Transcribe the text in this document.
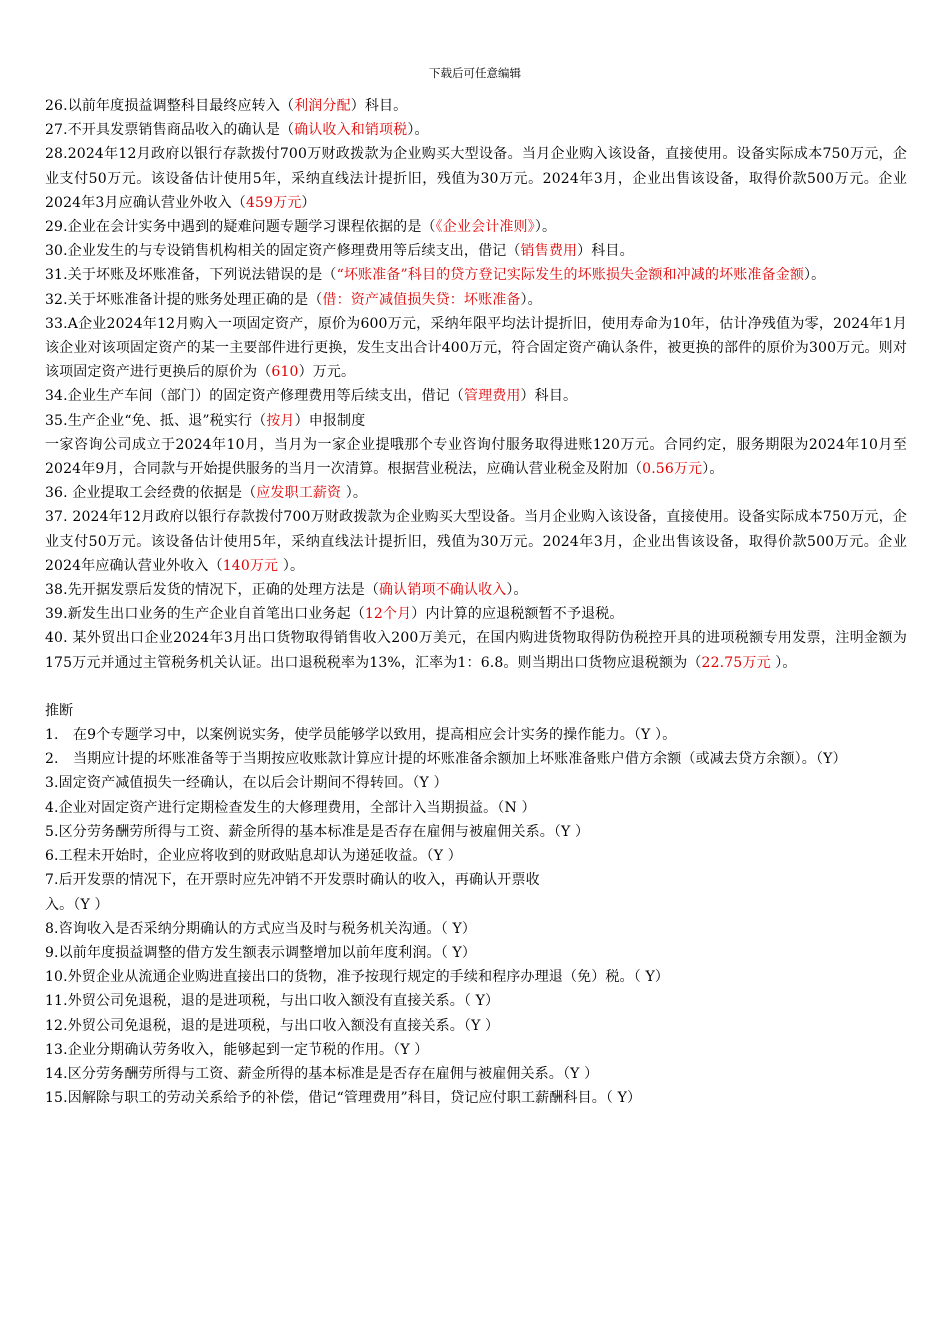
下载后可任意编辑

26.以前年度损益调整科目最终应转入（利润分配）科目。

27.不开具发票销售商品收入的确认是（确认收入和销项税）。

28.2024年12月政府以银行存款拨付700万财政拨款为企业购买大型设备。当月企业购入该设备，直接使用。设备实际成本750万元，企业支付50万元。该设备估计使用5年，采纳直线法计提折旧，残值为30万元。2024年3月，企业出售该设备，取得价款500万元。企业2024年3月应确认营业外收入（459万元）

29.企业在会计实务中遇到的疑难问题专题学习课程依据的是（《企业会计准则》）。

30.企业发生的与专设销售机构相关的固定资产修理费用等后续支出，借记（销售费用）科目。

31.关于坏账及坏账准备，下列说法错误的是（“坏账准备”科目的贷方登记实际发生的坏账损失金额和冲减的坏账准备金额）。

32.关于坏账准备计提的账务处理正确的是（借：资产减值损失贷：坏账准备）。

33.A企业2024年12月购入一项固定资产，原价为600万元，采纳年限平均法计提折旧，使用寿命为10年，估计净残值为零，2024年1月该企业对该项固定资产的某一主要部件进行更换，发生支出合计400万元，符合固定资产确认条件，被更换的部件的原价为300万元。则对该项固定资产进行更换后的原价为（610）万元。

34.企业生产车间（部门）的固定资产修理费用等后续支出，借记（管理费用）科目。

35.生产企业“免、抵、退”税实行（按月）申报制度

一家咨询公司成立于2024年10月，当月为一家企业提哦那个专业咨询付服务取得进账120万元。合同约定，服务期限为2024年10月至2024年9月，合同款与开始提供服务的当月一次清算。根据营业税法，应确认营业税金及附加（0.56万元）。

36. 企业提取工会经费的依据是（应发职工薪资 ）。

37. 2024年12月政府以银行存款拨付700万财政拨款为企业购买大型设备。当月企业购入该设备，直接使用。设备实际成本750万元，企业支付50万元。该设备估计使用5年，采纳直线法计提折旧，残值为30万元。2024年3月，企业出售该设备，取得价款500万元。企业2024年应确认营业外收入（140万元 ）。

38.先开据发票后发货的情况下，正确的处理方法是（确认销项不确认收入）。

39.新发生出口业务的生产企业自首笔出口业务起（12个月）内计算的应退税额暂不予退税。

40. 某外贸出口企业2024年3月出口货物取得销售收入200万美元，在国内购进货物取得防伪税控开具的进项税额专用发票，注明金额为175万元并通过主管税务机关认证。出口退税税率为13%，汇率为1：6.8。则当期出口货物应退税额为（22.75万元 ）。

推断

1.	在9个专题学习中，以案例说实务，使学员能够学以致用，提高相应会计实务的操作能力。（Y ）。
2.	当期应计提的坏账准备等于当期按应收账款计算应计提的坏账准备余额加上坏账准备账户借方余额（或减去贷方余额）。（Y）

3.固定资产减值损失一经确认，在以后会计期间不得转回。（Y ）

4.企业对固定资产进行定期检查发生的大修理费用，全部计入当期损益。（N ）

5.区分劳务酬劳所得与工资、薪金所得的基本标准是是否存在雇佣与被雇佣关系。（Y ）

6.工程未开始时，企业应将收到的财政贴息却认为递延收益。（Y ）

7.后开发票的情况下，在开票时应先冲销不开发票时确认的收入，再确认开票收

入。（Y ）

8.咨询收入是否采纳分期确认的方式应当及时与税务机关沟通。（ Y）

9.以前年度损益调整的借方发生额表示调整增加以前年度利润。（ Y）

10.外贸企业从流通企业购进直接出口的货物，准予按现行规定的手续和程序办理退（免）税。（ Y）

11.外贸公司免退税，退的是进项税，与出口收入额没有直接关系。（ Y）

12.外贸公司免退税，退的是进项税，与出口收入额没有直接关系。（Y ）

13.企业分期确认劳务收入，能够起到一定节税的作用。（Y ）

14.区分劳务酬劳所得与工资、薪金所得的基本标准是是否存在雇佣与被雇佣关系。（Y ）

15.因解除与职工的劳动关系给予的补偿，借记“管理费用”科目，贷记应付职工薪酬科目。（ Y）
